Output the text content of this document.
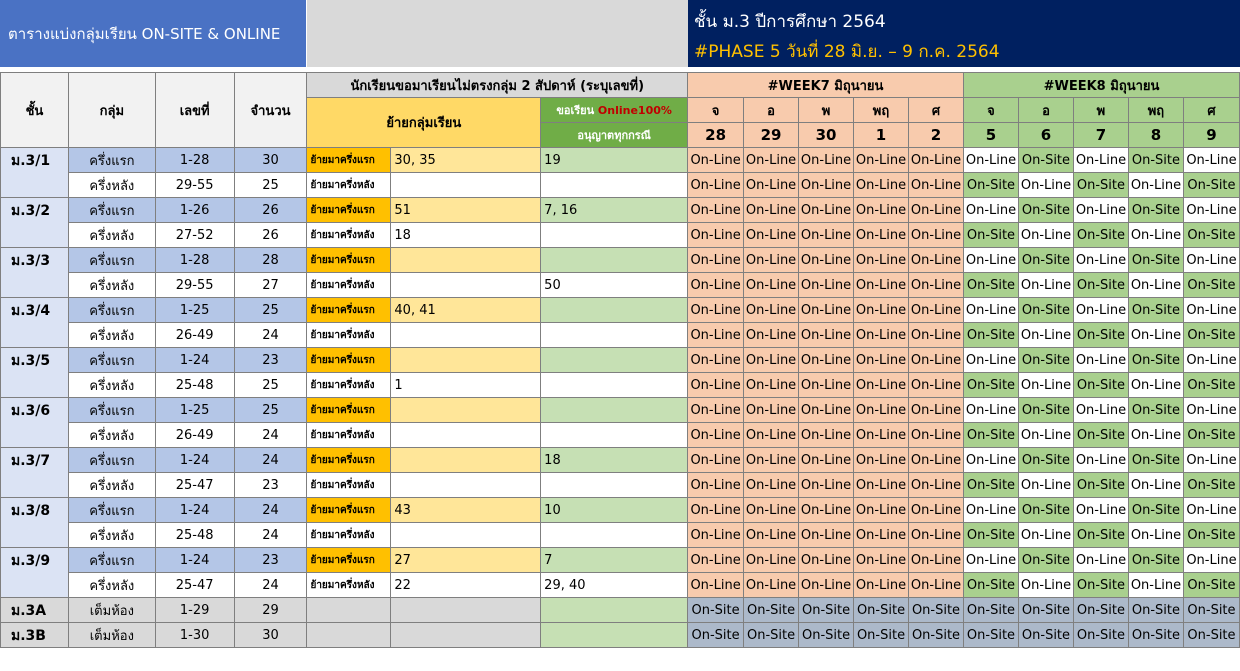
ตารางแบ่งกลุ่มเรียน ON-SITE & ONLINE
ชั้น ม.3 ปีการศึกษา 2564
#PHASE 5 วันที่ 28 มิ.ย. – 9 ก.ค. 2564
ชั้น	กลุ่ม	เลขที่	จำนวน	นักเรียนขอมาเรียนไม่ตรงกลุ่ม 2 สัปดาห์ (ระบุเลขที่)			#WEEK7 มิถุนายน					#WEEK8 มิถุนายน				
				ย้ายกลุ่มเรียน		ขอเรียน Online100%	จ	อ	พ	พฤ	ศ	จ	อ	พ	พฤ	ศ
						อนุญาตทุกกรณี	28	29	30	1	2	5	6	7	8	9
ม.3/1	ครึ่งแรก	1-28	30	ย้ายมาครึ่งแรก	30, 35	19	On-Line	On-Line	On-Line	On-Line	On-Line	On-Line	On-Site	On-Line	On-Site	On-Line
	ครึ่งหลัง	29-55	25	ย้ายมาครึ่งหลัง			On-Line	On-Line	On-Line	On-Line	On-Line	On-Site	On-Line	On-Site	On-Line	On-Site
ม.3/2	ครึ่งแรก	1-26	26	ย้ายมาครึ่งแรก	51	7, 16	On-Line	On-Line	On-Line	On-Line	On-Line	On-Line	On-Site	On-Line	On-Site	On-Line
	ครึ่งหลัง	27-52	26	ย้ายมาครึ่งหลัง	18		On-Line	On-Line	On-Line	On-Line	On-Line	On-Site	On-Line	On-Site	On-Line	On-Site
ม.3/3	ครึ่งแรก	1-28	28	ย้ายมาครึ่งแรก			On-Line	On-Line	On-Line	On-Line	On-Line	On-Line	On-Site	On-Line	On-Site	On-Line
	ครึ่งหลัง	29-55	27	ย้ายมาครึ่งหลัง		50	On-Line	On-Line	On-Line	On-Line	On-Line	On-Site	On-Line	On-Site	On-Line	On-Site
ม.3/4	ครึ่งแรก	1-25	25	ย้ายมาครึ่งแรก	40, 41		On-Line	On-Line	On-Line	On-Line	On-Line	On-Line	On-Site	On-Line	On-Site	On-Line
	ครึ่งหลัง	26-49	24	ย้ายมาครึ่งหลัง			On-Line	On-Line	On-Line	On-Line	On-Line	On-Site	On-Line	On-Site	On-Line	On-Site
ม.3/5	ครึ่งแรก	1-24	23	ย้ายมาครึ่งแรก			On-Line	On-Line	On-Line	On-Line	On-Line	On-Line	On-Site	On-Line	On-Site	On-Line
	ครึ่งหลัง	25-48	25	ย้ายมาครึ่งหลัง	1		On-Line	On-Line	On-Line	On-Line	On-Line	On-Site	On-Line	On-Site	On-Line	On-Site
ม.3/6	ครึ่งแรก	1-25	25	ย้ายมาครึ่งแรก			On-Line	On-Line	On-Line	On-Line	On-Line	On-Line	On-Site	On-Line	On-Site	On-Line
	ครึ่งหลัง	26-49	24	ย้ายมาครึ่งหลัง			On-Line	On-Line	On-Line	On-Line	On-Line	On-Site	On-Line	On-Site	On-Line	On-Site
ม.3/7	ครึ่งแรก	1-24	24	ย้ายมาครึ่งแรก		18	On-Line	On-Line	On-Line	On-Line	On-Line	On-Line	On-Site	On-Line	On-Site	On-Line
	ครึ่งหลัง	25-47	23	ย้ายมาครึ่งหลัง			On-Line	On-Line	On-Line	On-Line	On-Line	On-Site	On-Line	On-Site	On-Line	On-Site
ม.3/8	ครึ่งแรก	1-24	24	ย้ายมาครึ่งแรก	43	10	On-Line	On-Line	On-Line	On-Line	On-Line	On-Line	On-Site	On-Line	On-Site	On-Line
	ครึ่งหลัง	25-48	24	ย้ายมาครึ่งหลัง			On-Line	On-Line	On-Line	On-Line	On-Line	On-Site	On-Line	On-Site	On-Line	On-Site
ม.3/9	ครึ่งแรก	1-24	23	ย้ายมาครึ่งแรก	27	7	On-Line	On-Line	On-Line	On-Line	On-Line	On-Line	On-Site	On-Line	On-Site	On-Line
	ครึ่งหลัง	25-47	24	ย้ายมาครึ่งหลัง	22	29, 40	On-Line	On-Line	On-Line	On-Line	On-Line	On-Site	On-Line	On-Site	On-Line	On-Site
ม.3A	เต็มห้อง	1-29	29				On-Site	On-Site	On-Site	On-Site	On-Site	On-Site	On-Site	On-Site	On-Site	On-Site
ม.3B	เต็มห้อง	1-30	30				On-Site	On-Site	On-Site	On-Site	On-Site	On-Site	On-Site	On-Site	On-Site	On-Site
